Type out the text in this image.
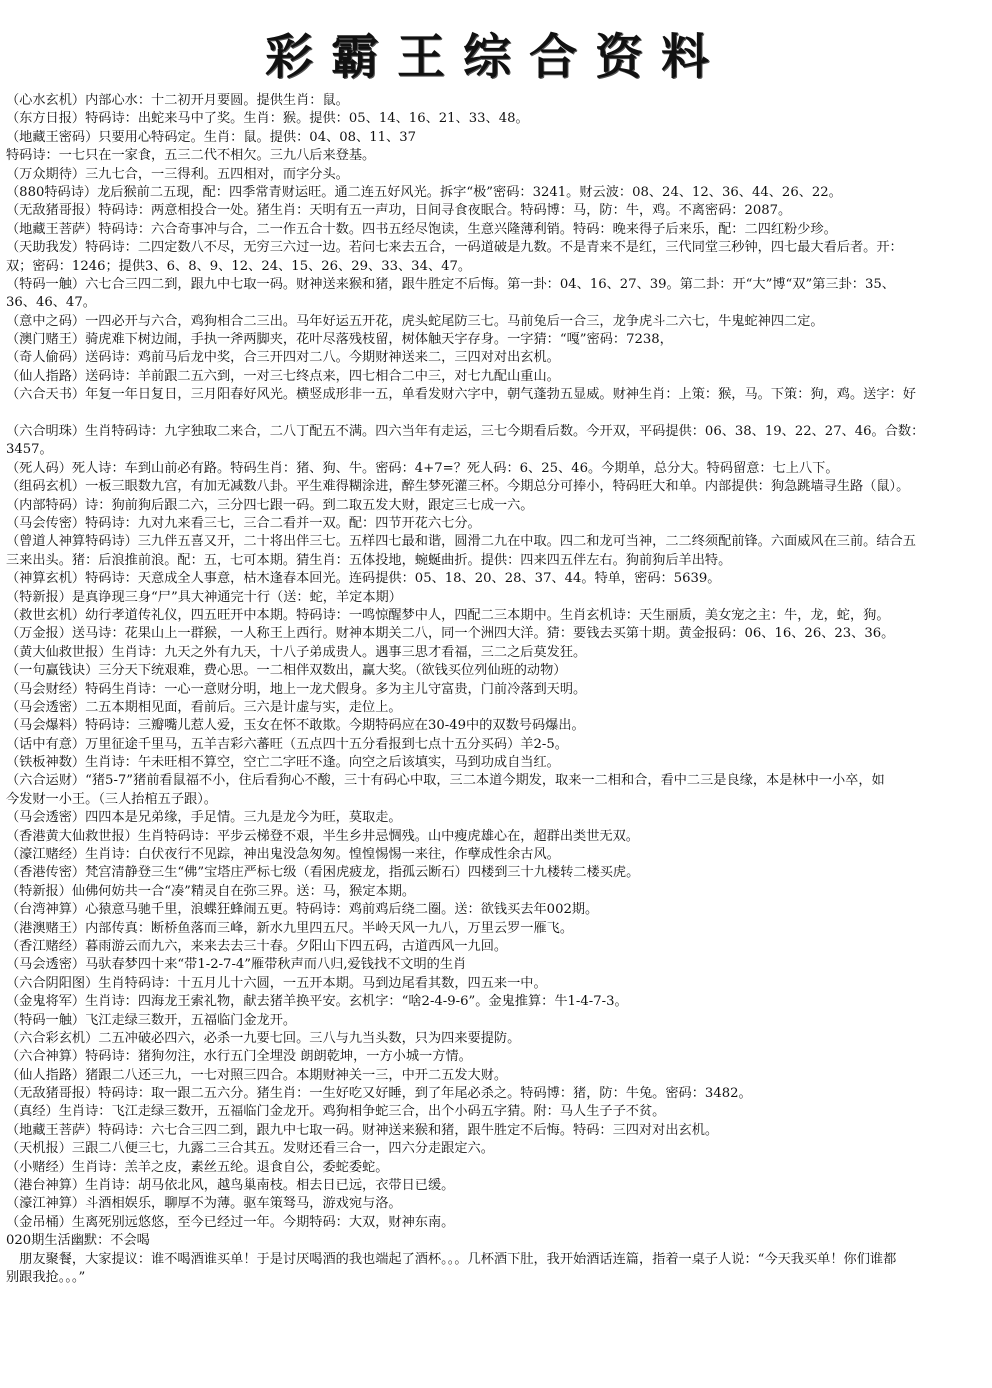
彩霸王综合资料
（心水玄机）内部心水：十二初开月要圆。提供生肖：鼠。
（东方日报）特码诗：出蛇来马中了奖。生肖：猴。提供：05、14、16、21、33、48。
（地藏王密码）只要用心特码定。生肖：鼠。提供：04、08、11、37
特码诗：一七只在一家食，五三二代不相欠。三九八后来登基。
（万众期待）三九七合，一三得利。五四相对，而字分头。
（880特码诗）龙后猴前二五现，配：四季常青财运旺。通二连五好风光。拆字“极”密码：3241。财云波：08、24、12、36、44、26、22。
（无敌猪哥报）特码诗：两意相投合一处。猪生肖：天明有五一声功，日间寻食夜眠合。特码博：马，防：牛，鸡。不离密码：2087。
（地藏王菩萨）特码诗：六合奇事冲与合，二一作五合十数。四书五经尽饱读，生意兴隆薄利销。特码：晚来得子后来乐，配：二四红粉少珍。
（天助我发）特码诗：二四定数八不尽，无穷三六过一边。若问七来去五合，一码道破是九数。不是青来不是红，三代同堂三秒钟，四七最大看后者。开：
双；密码：1246；提供3、6、8、9、12、24、15、26、29、33、34、47。
（特码一触）六七合三四二到，跟九中七取一码。财神送来猴和猪，跟牛胜定不后悔。第一卦：04、16、27、39。第二卦：开“大”博“双”第三卦：35、
36、46、47。
（意中之码）一四必开与六合，鸡狗相合二三出。马年好运五开花，虎头蛇尾防三七。马前兔后一合三，龙争虎斗二六七，牛鬼蛇神四二定。
（澳门赌王）骑虎难下树边闹，手执一斧两脚夹，花叶尽落残枝留，树体触天字存身。一字猜：“嘎”密码：7238，
（奇人偷码）送码诗：鸡前马后龙中奖，合三开四对二八。今期财神送来二，三四对对出玄机。
（仙人指路）送码诗：羊前跟二五六到，一对三七终点来，四七相合二中三，对七九配山重山。
（六合天书）年复一年日复日，三月阳春好风光。横竖成形非一五，单看发财六字中，朝气蓬勃五显威。财神生肖：上策：猴，马。下策：狗，鸡。送字：好
（六合明珠）生肖特码诗：九字独取二来合，二八丁配五不满。四六当年有走运，三七今期看后数。今开双，平码提供：06、38、19、22、27、46。合数：
3457。
（死人码）死人诗：车到山前必有路。特码生肖：猪、狗、牛。密码：4+7=？死人码：6、25、46。今期单，总分大。特码留意：七上八下。
（组码玄机）一板三眼数九宫，有加无减数八卦。平生难得糊涂进，醉生梦死灌三杯。今期总分可捧小，特码旺大和单。内部提供：狗急跳墙寻生路（鼠）。
（内部特码）诗：狗前狗后跟二六，三分四七跟一码。到二取五发大财，跟定三七成一六。
（马会传密）特码诗：九对九来看三七，三合二看并一双。配：四节开花六七分。
（曾道人神算特码诗）三九伴五喜又开，二十将出伴三七。五样四七最和谐，圆滑二九在中取。四二和龙可当神，二二终须配前锋。六面威风在三前。结合五
三来出头。猪：后浪推前浪。配：五，七可本期。猜生肖：五体投地，蜿蜒曲折。提供：四来四五伴左右。狗前狗后羊出特。
（神算玄机）特码诗：天意成全人事意，枯木逢春本回光。连码提供：05、18、20、28、37、44。特单，密码：5639。
（特新报）是真诤现三身“尸”具大神通完十行（送：蛇，羊定本期）
（救世玄机）幼行孝道传礼仪，四五旺开中本期。特码诗：一鸣惊醒梦中人，四配二三本期中。生肖玄机诗：天生丽质，美女宠之主：牛，龙，蛇，狗。
（万金报）送马诗：花果山上一群猴，一人称王上西行。财神本期关二八，同一个洲四大洋。猜：要钱去买第十期。黄金报码：06、16、26、23、36。
（黄大仙救世报）生肖诗：九天之外有九天，十八子弟成贵人。遇事三思才看福，三二之后莫发狂。
（一句赢钱诀）三分天下统艰难，费心思。一二相伴双数出，赢大奖。（欲钱买位列仙班的动物）
（马会财经）特码生肖诗：一心一意财分明，地上一龙犬假身。多为主儿守富贵，门前冷落到天明。
（马会透密）二五本期相见面，看前后。三六是计虚与实，走位上。
（马会爆料）特码诗：三瓣嘴儿惹人爱，玉女在怀不敢欺。今期特码应在30-49中的双数号码爆出。
（话中有意）万里征途千里马，五羊吉彩六蕃旺（五点四十五分看报到七点十五分买码）羊2-5。
（铁板神数）生肖诗：午未旺相不算空，空亡二字旺不逢。向空之后该填实，马到功成自当红。
（六合运财）“猪5-7”猪前看鼠福不小，住后看狗心不酸，三十有码心中取，三二本道今期发，取来一二相和合，看中二三是良缘，本是林中一小卒，如
今发财一小王。（三人抬棺五子跟）。
（马会透密）四四本是兄弟缘，手足情。三九是龙今为旺，莫取走。
（香港黄大仙救世报）生肖特码诗：平步云梯登不艰，半生乡井忌惆残。山中瘦虎雄心在，超群出类世无双。
（濠江赌经）生肖诗：白伏夜行不见踪，神出鬼没急匆匆。惶惶惕惕一来往，作孽成性余古风。
（香港传密）梵宫清静登三生“佛”宝塔庄严标七级（看困虎疲龙，指孤云断石）四楼到三十九楼转二楼买虎。
（特新报）仙佛何妨共一合“凑”精灵自在弥三界。送：马，猴定本期。
（台湾神算）心猿意马驰千里，浪蝶狂蜂闹五更。特码诗：鸡前鸡后绕二圈。送：欲钱买去年002期。
（港澳赌王）内部传真：断桥鱼落而三峰，新水九里四五尺。半岭天风一九八，万里云罗一雁飞。
（香江赌经）暮雨游云而九六，来来去去三十春。夕阳山下四五码，古道西风一九回。
（马会透密）马驮春梦四十来“带1-2-7-4”雁带秋声而八归,爱钱找不文明的生肖
（六合阴阳图）生肖特码诗：十五月儿十六圆，一五开本期。马到边尾看其数，四五来一中。
（金鬼将军）生肖诗：四海龙王索礼物，献去猪羊换平安。玄机字：“啥2-4-9-6”。金鬼推算：牛1-4-7-3。
（特码一触）飞江走绿三数开，五福临门金龙开。
（六合彩玄机）二五冲破必四六，必杀一九要七回。三八与九当头数，只为四来要提防。
（六合神算）特码诗：猪狗勿注，水行五门全埋没 朗朗乾坤，一方小城一方情。
（仙人指路）猪跟二八还三九，一七对照三四合。本期财神关一三，中开二五发大财。
（无敌猪哥报）特码诗：取一跟二五六分。猪生肖：一生好吃又好睡，到了年尾必杀之。特码博：猪，防：牛兔。密码：3482。
（真经）生肖诗：飞江走绿三数开，五福临门金龙开。鸡狗相争蛇三合，出个小码五字猜。附：马人生子子不贫。
（地藏王菩萨）特码诗：六七合三四二到，跟九中七取一码。财神送来猴和猪，跟牛胜定不后悔。特码：三四对对出玄机。
（天机报）三跟二八便三七，九露二三合其五。发财还看三合一，四六分走跟定六。
（小赌经）生肖诗：羔羊之皮，素丝五纶。退食自公，委蛇委蛇。
（港台神算）生肖诗：胡马依北风，越鸟巢南枝。相去日已远，衣带日已缓。
（濠江神算）斗酒相娱乐，聊厚不为薄。驱车策驽马，游戏宛与洛。
（金吊桶）生离死别远悠悠，至今已经过一年。今期特码：大双，财神东南。
020期生活幽默：不会喝
　朋友聚餐，大家提议：谁不喝酒谁买单！于是讨厌喝酒的我也端起了酒杯。。。几杯酒下肚，我开始酒话连篇，指着一桌子人说：“今天我买单！你们谁都
别跟我抢。。。”
